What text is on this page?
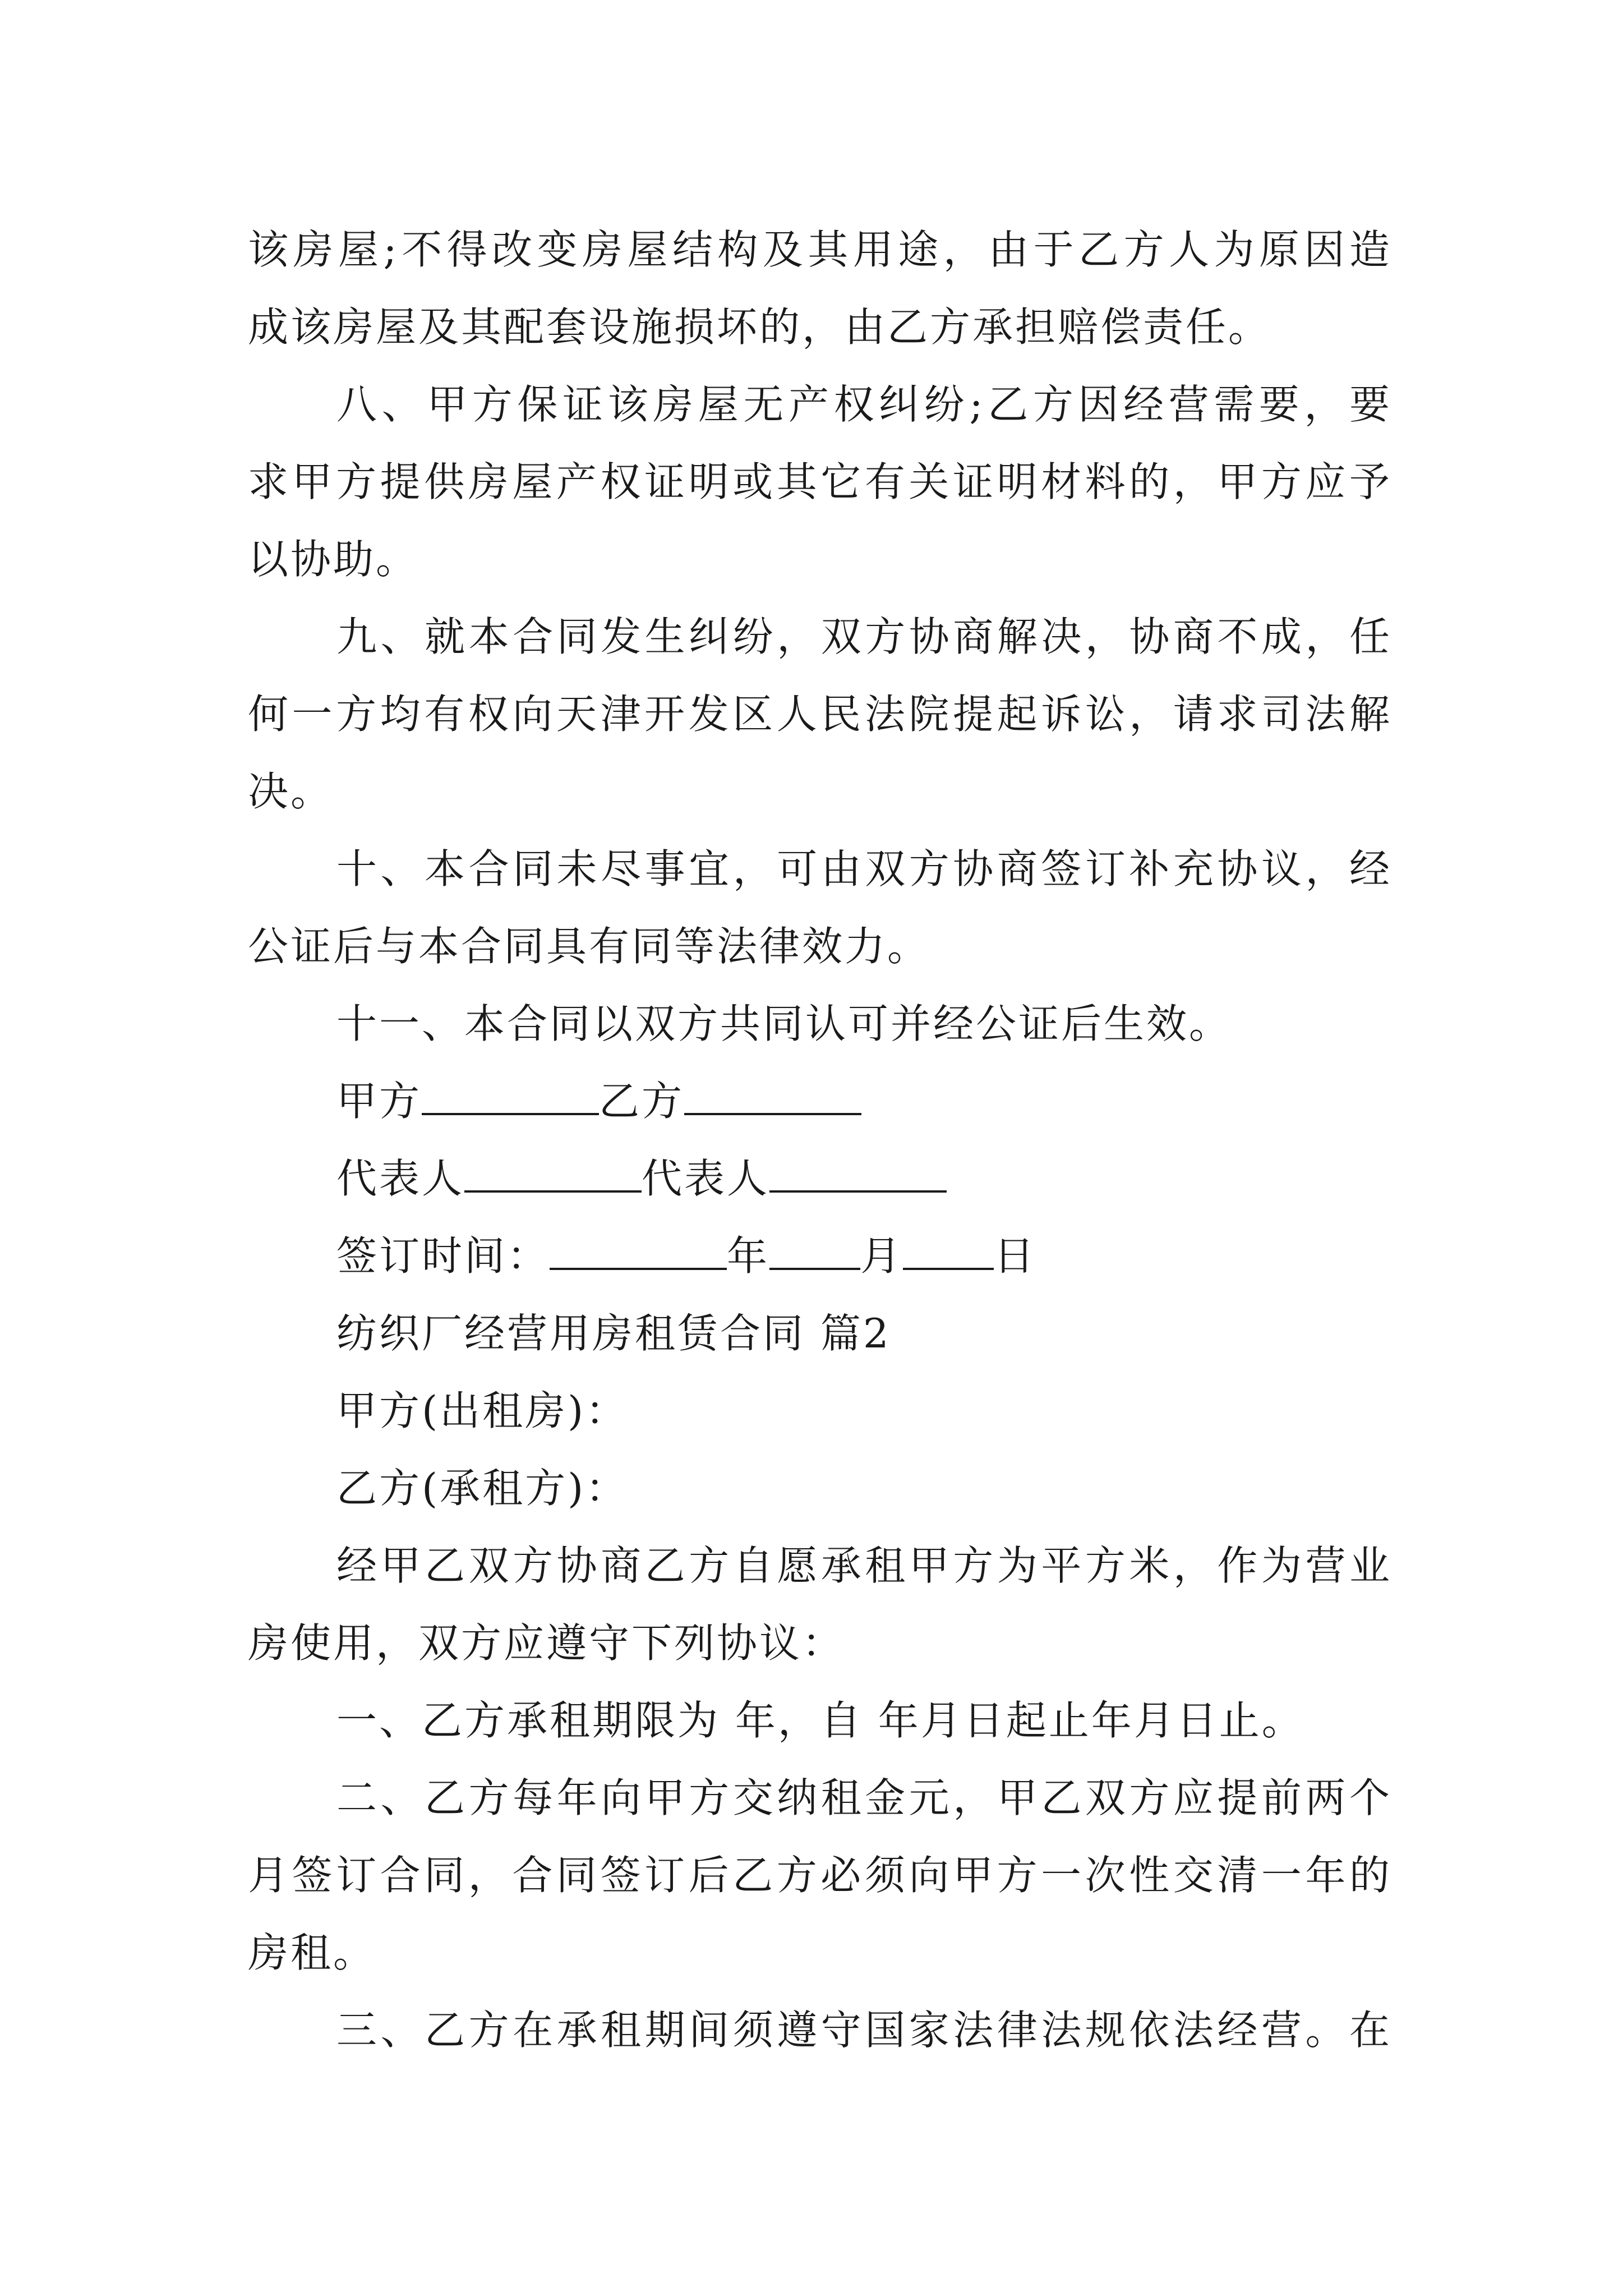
该房屋;不得改变房屋结构及其用途，由于乙方人为原因造
成该房屋及其配套设施损坏的，由乙方承担赔偿责任。
八、甲方保证该房屋无产权纠纷;乙方因经营需要，要
求甲方提供房屋产权证明或其它有关证明材料的，甲方应予
以协助。
九、就本合同发生纠纷，双方协商解决，协商不成，任
何一方均有权向天津开发区人民法院提起诉讼，请求司法解
决。
十、本合同未尽事宜，可由双方协商签订补充协议，经
公证后与本合同具有同等法律效力。
十一、本合同以双方共同认可并经公证后生效。
甲方	乙方
代表人	代表人
签订时间：	年 月 日
纺织厂经营用房租赁合同 篇2
甲方(出租房)：
乙方(承租方)：
经甲乙双方协商乙方自愿承租甲方为平方米，作为营业
房使用，双方应遵守下列协议：
一、乙方承租期限为 年，自 年月日起止年月日止。
二、乙方每年向甲方交纳租金元，甲乙双方应提前两个
月签订合同，合同签订后乙方必须向甲方一次性交清一年的
房租。
三、乙方在承租期间须遵守国家法律法规依法经营。在
